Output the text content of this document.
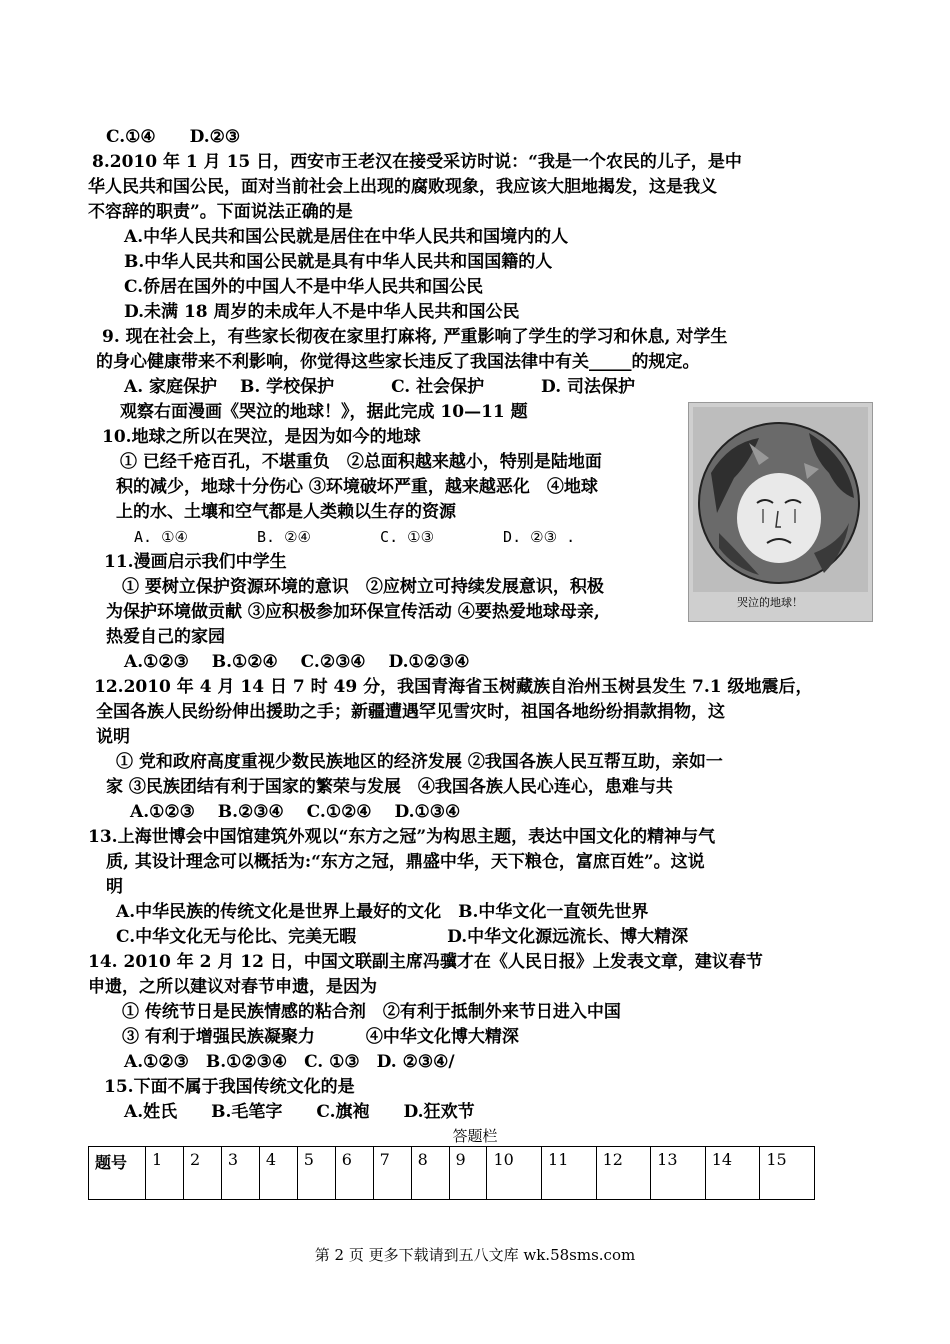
C.①④　　D.②③
8.2010 年 1 月 15 日，西安市王老汉在接受采访时说：“我是一个农民的儿子，是中
华人民共和国公民，面对当前社会上出现的腐败现象，我应该大胆地揭发，这是我义
不容辞的职责”。下面说法正确的是
A.中华人民共和国公民就是居住在中华人民共和国境内的人
B.中华人民共和国公民就是具有中华人民共和国国籍的人
C.侨居在国外的中国人不是中华人民共和国公民
D.未满 18 周岁的未成年人不是中华人民共和国公民
9. 现在社会上，有些家长彻夜在家里打麻将, 严重影响了学生的学习和休息, 对学生
的身心健康带来不利影响，你觉得这些家长违反了我国法律中有关_____的规定。
A. 家庭保护　 B. 学校保护　　　 C. 社会保护　　　 D. 司法保护
观察右面漫画《哭泣的地球！》，据此完成 10—11 题
10.地球之所以在哭泣，是因为如今的地球
① 已经千疮百孔，不堪重负　②总面积越来越小，特别是陆地面
积的减少，地球十分伤心 ③环境破坏严重，越来越恶化　④地球
上的水、土壤和空气都是人类赖以生存的资源
A. ①④　　　　 B. ②④　　　　 C. ①③　　　　 D. ②③ .
11.漫画启示我们中学生
① 要树立保护资源环境的意识　②应树立可持续发展意识，积极
为保护环境做贡献 ③应积极参加环保宣传活动 ④要热爱地球母亲,
热爱自己的家园
A.①②③　 B.①②④　 C.②③④　 D.①②③④
12.2010 年 4 月 14 日 7 时 49 分，我国青海省玉树藏族自治州玉树县发生 7.1 级地震后，
全国各族人民纷纷伸出援助之手；新疆遭遇罕见雪灾时，祖国各地纷纷捐款捐物，这
说明
① 党和政府高度重视少数民族地区的经济发展 ②我国各族人民互帮互助，亲如一
家 ③民族团结有利于国家的繁荣与发展　④我国各族人民心连心，患难与共
A.①②③　 B.②③④　 C.①②④　 D.①③④
13.上海世博会中国馆建筑外观以“东方之冠”为构思主题，表达中国文化的精神与气
质, 其设计理念可以概括为:“东方之冠，鼎盛中华，天下粮仓，富庶百姓”。这说
明
A.中华民族的传统文化是世界上最好的文化　B.中华文化一直领先世界
C.中华文化无与伦比、完美无暇　　　　　 D.中华文化源远流长、博大精深
14. 2010 年 2 月 12 日，中国文联副主席冯骥才在《人民日报》上发表文章，建议春节
申遗，之所以建议对春节申遗，是因为
① 传统节日是民族情感的粘合剂　②有利于抵制外来节日进入中国
③ 有利于增强民族凝聚力　　　④中华文化博大精深
A.①②③　B.①②③④　C. ①③　D. ②③④/
15.下面不属于我国传统文化的是
A.姓氏　　B.毛笔字　　C.旗袍　　D.狂欢节
哭泣的地球！
答题栏
题号	1	2	3	4	5	6	7	8	9	10	11	12	13	14	15
第 2 页 更多下载请到五八文库 wk.58sms.com
